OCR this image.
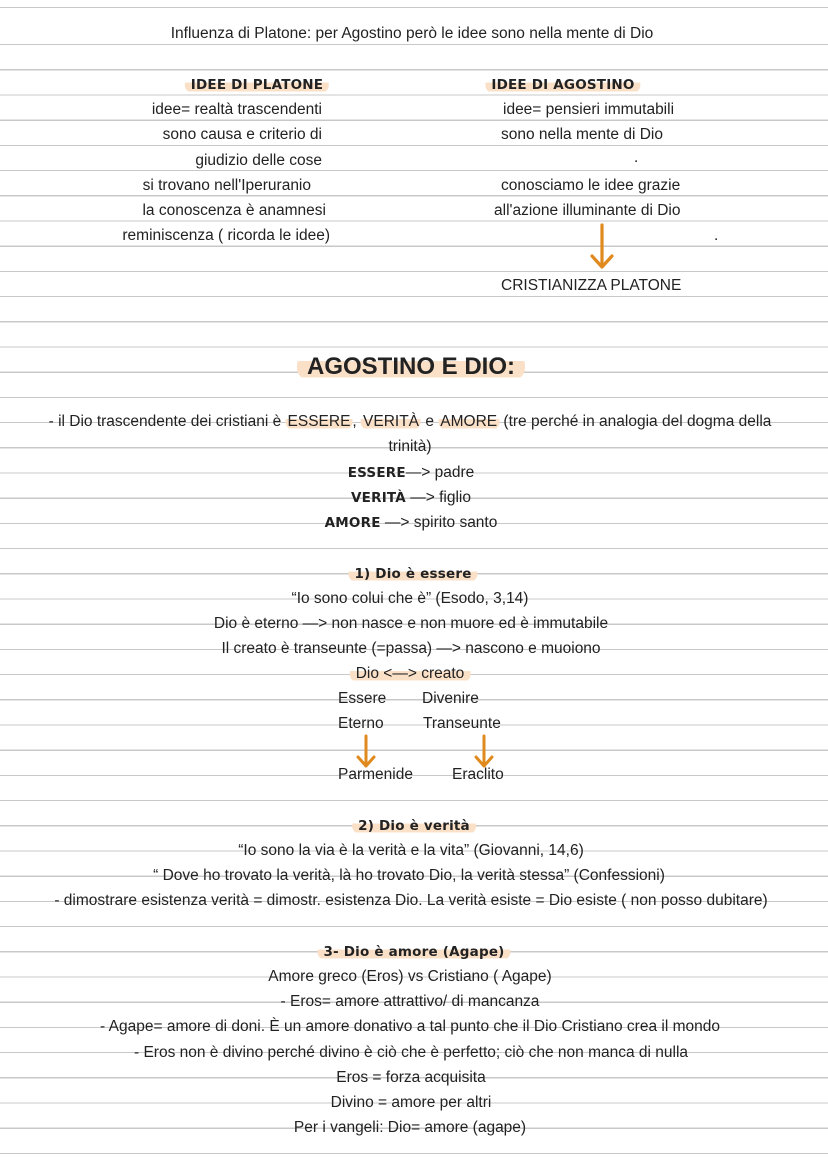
Influenza di Platone: per Agostino però le idee sono nella mente di Dio
IDEE DI PLATONE
idee= realtà trascendenti
sono causa e criterio di
giudizio delle cose
si trovano nell'Iperuranio
la conoscenza è anamnesi
reminiscenza ( ricorda le idee)
IDEE DI AGOSTINO
idee= pensieri immutabili
sono nella mente di Dio
.
conosciamo le idee grazie
all'azione illuminante di Dio
.
CRISTIANIZZA PLATONE
AGOSTINO E DIO:
- il Dio trascendente dei cristiani è ESSERE , VERITÀ e AMORE (tre perché in analogia del dogma della
trinità)
ESSERE—> padre
VERITÀ —> figlio
AMORE —> spirito santo
1) Dio è essere
“Io sono colui che è” (Esodo, 3,14)
Dio è eterno —> non nasce e non muore ed è immutabile
Il creato è transeunte (=passa) —> nascono e muoiono
Dio <—> creato
Essere Divenire
Eterno	Transeunte
Parmenide	Eraclito
2) Dio è verità
“Io sono la via è la verità e la vita” (Giovanni, 14,6)
“ Dove ho trovato la verità, là ho trovato Dio, la verità stessa” (Confessioni)
- dimostrare esistenza verità = dimostr. esistenza Dio. La verità esiste = Dio esiste ( non posso dubitare)
3- Dio è amore (Agape)
Amore greco (Eros) vs Cristiano ( Agape)
- Eros= amore attrattivo/ di mancanza
- Agape= amore di doni. È un amore donativo a tal punto che il Dio Cristiano crea il mondo
- Eros non è divino perché divino è ciò che è perfetto; ciò che non manca di nulla
Eros = forza acquisita
Divino = amore per altri
Per i vangeli: Dio= amore (agape)
